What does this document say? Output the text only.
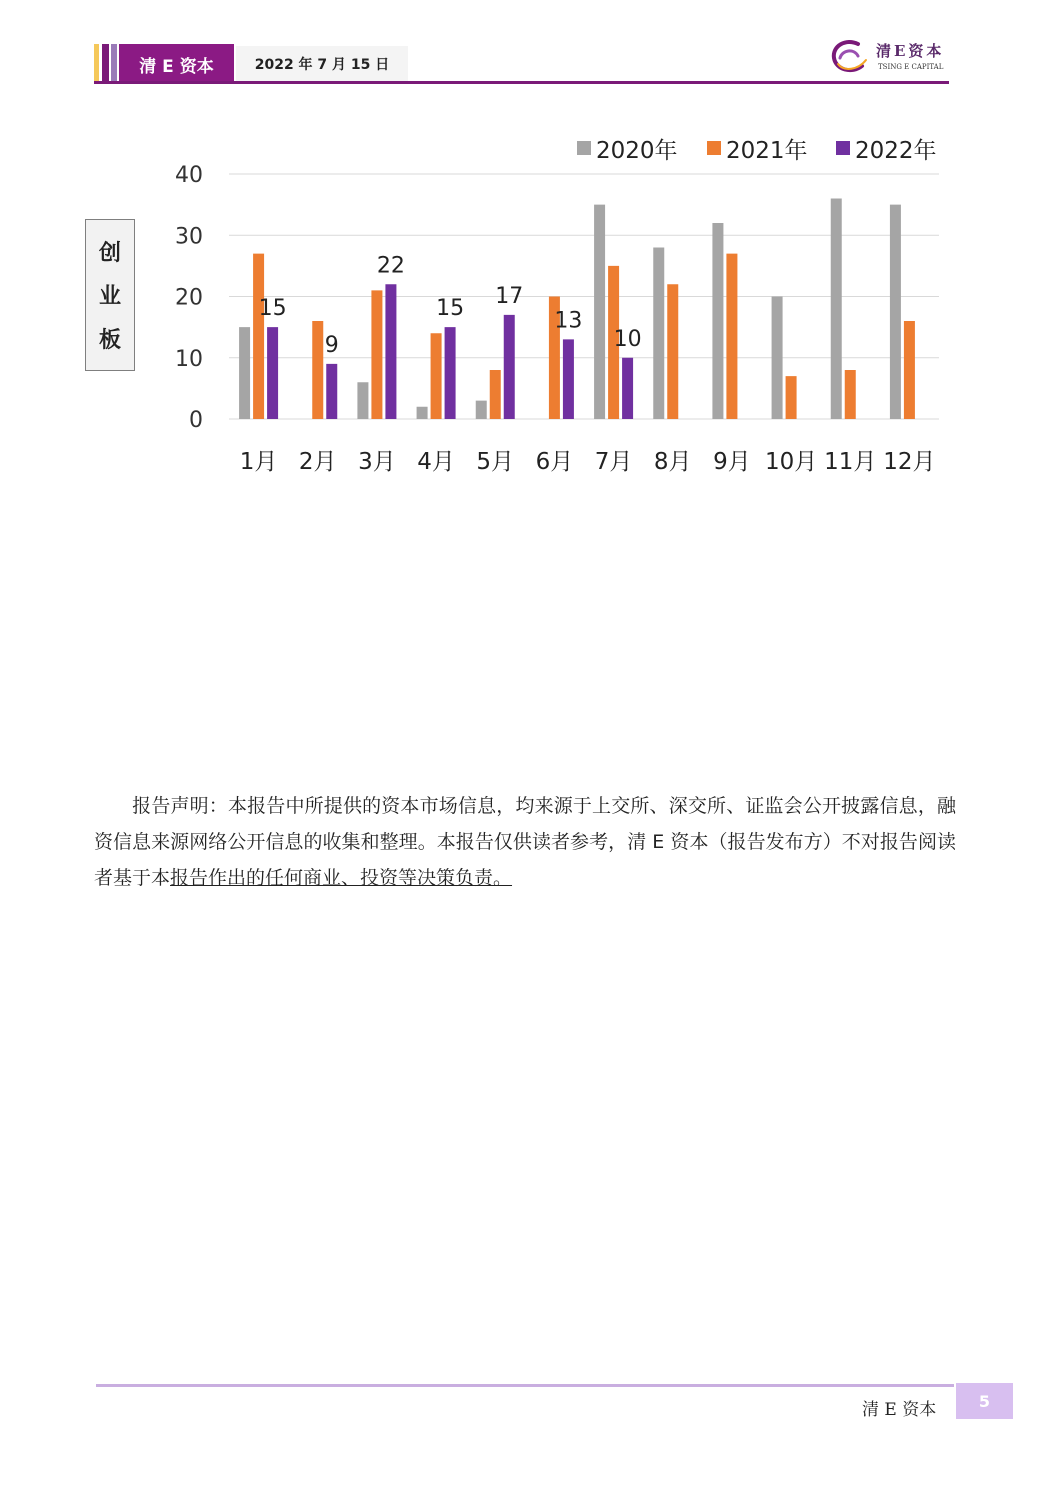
清 E 资本	2022 年 7 月 15 日
清E资本
TSING E CAPITAL
创
业
板
0
10
20
30
40
15
1月
9
2月
22
3月
15
4月
17
5月
13
6月
10
7月 8月 9月 10月 11月 12月
2020年 2021年 2022年
报告声明：本报告中所提供的资本市场信息，均来源于上交所、深交所、证监会公开披露信息，融资信息来源网络公开信息的收集和整理。本报告仅供读者参考，清 E 资本（报告发布方）不对报告阅读者基于本报告作出的任何商业、投资等决策负责。
清 E 资本	5
